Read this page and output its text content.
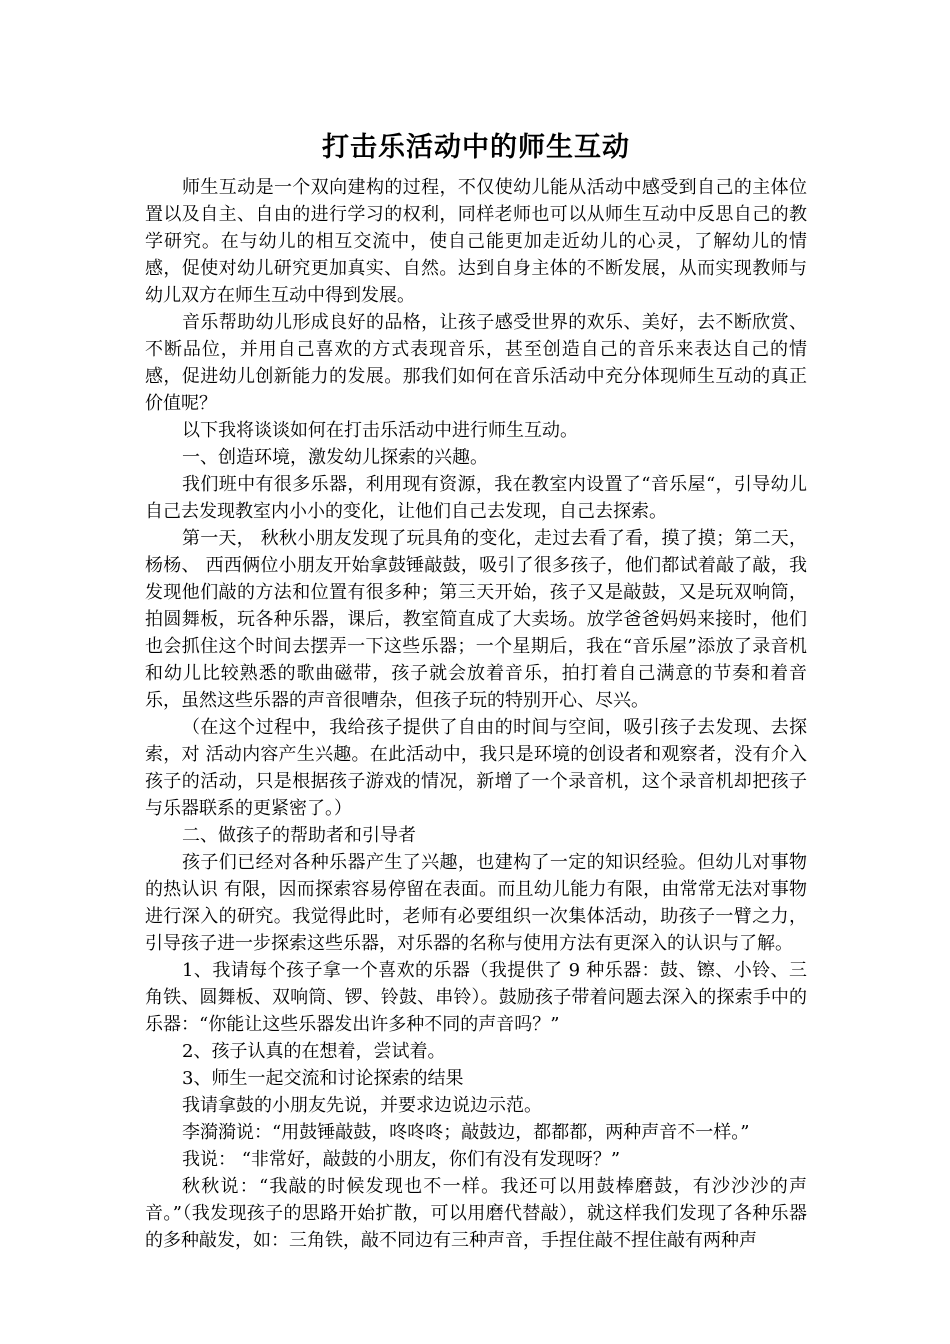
打击乐活动中的师生互动

师生互动是一个双向建构的过程，不仅使幼儿能从活动中感受到自己的主体位置以及自主、自由的进行学习的权利，同样老师也可以从师生互动中反思自己的教学研究。在与幼儿的相互交流中，使自己能更加走近幼儿的心灵，了解幼儿的情感，促使对幼儿研究更加真实、自然。达到自身主体的不断发展，从而实现教师与幼儿双方在师生互动中得到发展。

音乐帮助幼儿形成良好的品格，让孩子感受世界的欢乐、美好，去不断欣赏、不断品位，并用自己喜欢的方式表现音乐，甚至创造自己的音乐来表达自己的情感，促进幼儿创新能力的发展。那我们如何在音乐活动中充分体现师生互动的真正价值呢？

以下我将谈谈如何在打击乐活动中进行师生互动。

一、创造环境，激发幼儿探索的兴趣。

我们班中有很多乐器，利用现有资源，我在教室内设置了“音乐屋“，引导幼儿自己去发现教室内小小的变化，让他们自己去发现，自己去探索。

第一天， 秋秋小朋友发现了玩具角的变化，走过去看了看，摸了摸；第二天，杨杨、 西西俩位小朋友开始拿鼓锤敲鼓，吸引了很多孩子，他们都试着敲了敲，我发现他们敲的方法和位置有很多种；第三天开始，孩子又是敲鼓，又是玩双响筒，拍圆舞板，玩各种乐器，课后，教室简直成了大卖场。放学爸爸妈妈来接时，他们也会抓住这个时间去摆弄一下这些乐器；一个星期后，我在“音乐屋”添放了录音机和幼儿比较熟悉的歌曲磁带，孩子就会放着音乐，拍打着自己满意的节奏和着音乐，虽然这些乐器的声音很嘈杂，但孩子玩的特别开心、尽兴。

（在这个过程中，我给孩子提供了自由的时间与空间，吸引孩子去发现、去探索，对 活动内容产生兴趣。在此活动中，我只是环境的创设者和观察者，没有介入孩子的活动，只是根据孩子游戏的情况，新增了一个录音机，这个录音机却把孩子与乐器联系的更紧密了。）

二、做孩子的帮助者和引导者

孩子们已经对各种乐器产生了兴趣，也建构了一定的知识经验。但幼儿对事物的热认识 有限，因而探索容易停留在表面。而且幼儿能力有限，由常常无法对事物进行深入的研究。我觉得此时，老师有必要组织一次集体活动，助孩子一臂之力，引导孩子进一步探索这些乐器，对乐器的名称与使用方法有更深入的认识与了解。

1、我请每个孩子拿一个喜欢的乐器（我提供了 9 种乐器：鼓、镲、小铃、三角铁、圆舞板、双响筒、锣、铃鼓、串铃）。鼓励孩子带着问题去深入的探索手中的乐器：“你能让这些乐器发出许多种不同的声音吗？”

2、孩子认真的在想着，尝试着。

3、师生一起交流和讨论探索的结果

我请拿鼓的小朋友先说，并要求边说边示范。

李漪漪说：“用鼓锤敲鼓，咚咚咚；敲鼓边，都都都，两种声音不一样。”

我说： “非常好，敲鼓的小朋友，你们有没有发现呀？”

秋秋说：“我敲的时候发现也不一样。我还可以用鼓棒磨鼓，有沙沙沙的声音。”（我发现孩子的思路开始扩散，可以用磨代替敲），就这样我们发现了各种乐器的多种敲发，如：三角铁，敲不同边有三种声音，手捏住敲不捏住敲有两种声
